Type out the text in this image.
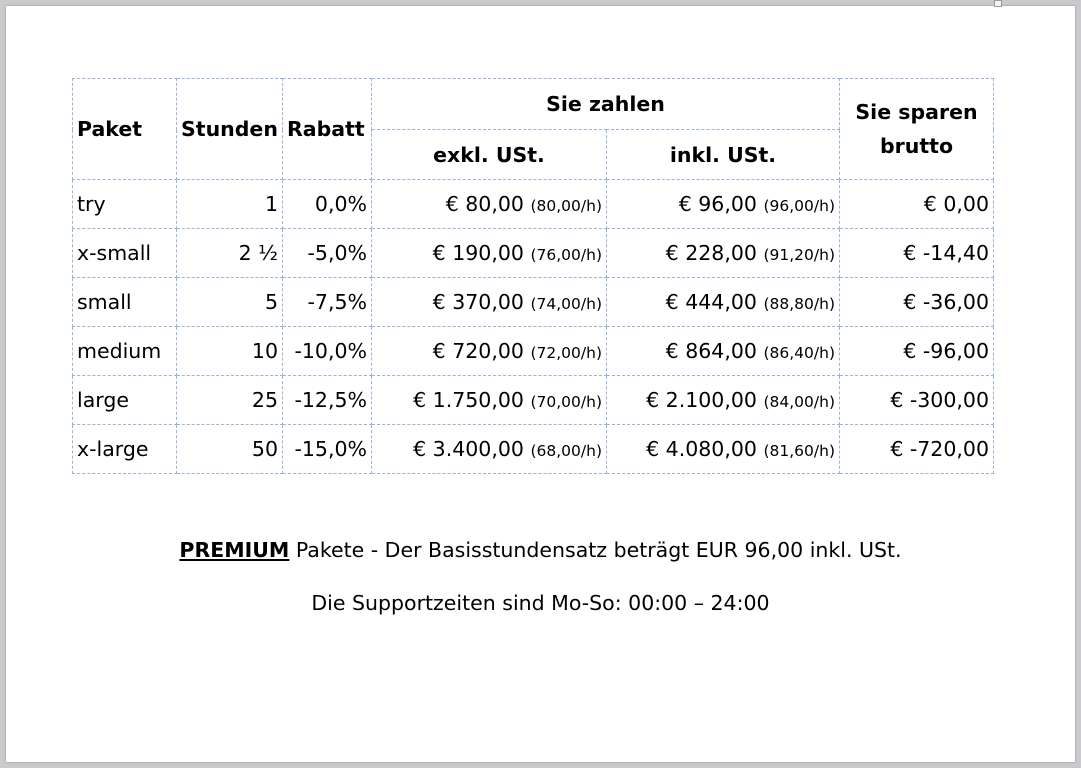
Paket	Stunden	Rabatt	Sie zahlen		Sie sparen
brutto

			exkl. USt.	inkl. USt.	
try	1	0,0%	€ 80,00 (80,00/h)	€ 96,00 (96,00/h)	€ 0,00
x-small	2 ½	-5,0%	€ 190,00 (76,00/h)	€ 228,00 (91,20/h)	€ -14,40
small	5	-7,5%	€ 370,00 (74,00/h)	€ 444,00 (88,80/h)	€ -36,00
medium	10	-10,0%	€ 720,00 (72,00/h)	€ 864,00 (86,40/h)	€ -96,00
large	25	-12,5%	€ 1.750,00 (70,00/h)	€ 2.100,00 (84,00/h)	€ -300,00
x-large	50	-15,0%	€ 3.400,00 (68,00/h)	€ 4.080,00 (81,60/h)	€ -720,00
PREMIUM Pakete - Der Basisstundensatz beträgt EUR 96,00 inkl. USt.
Die Supportzeiten sind Mo-So: 00:00 – 24:00
